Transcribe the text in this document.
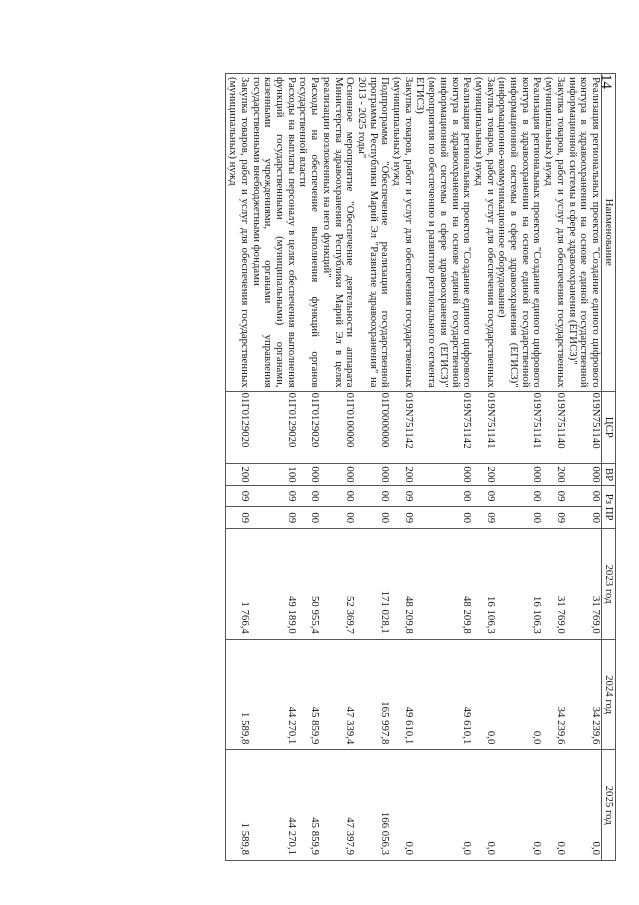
14
Наименование	ЦСР	ВР	Рз ПР		2023 год	2024 год	2025 год
Реализация региональных проектов "Создание единого цифрового контура в здравоохранении на основе единой государственной информационной системы в сфере здравоохранения (ЕГИСЗ)"	019N751140	000	00	00	31 769,0	34 239,6	0,0
Закупка товаров, работ и услуг для обеспечения государственных (муниципальных) нужд	019N751140	200	09	09	31 769,0	34 239,6	0,0
Реализация региональных проектов "Создание единого цифрового контура в здравоохранении на основе единой государственной информационной системы в сфере здравоохранения (ЕГИСЗ)" (информационно-коммуникационное оборудование)	019N751141	000	00	00	16 106,3	0,0	0,0
Закупка товаров, работ и услуг для обеспечения государственных (муниципальных) нужд	019N751141	200	09	09	16 106,3	0,0	0,0
Реализация региональных проектов "Создание единого цифрового контура в здравоохранении на основе единой государственной информационной системы в сфере здравоохранения (ЕГИСЗ)" (мероприятия по обеспечению и развитию регионального сегмента ЕГИСЗ)	019N751142	000	00	00	48 209,8	49 610,1	0,0
Закупка товаров, работ и услуг для обеспечения государственных (муниципальных) нужд	019N751142	200	09	09	48 209,8	49 610,1	0,0
Подпрограмма "Обеспечение реализации государственной программы Республики Марий Эл "Развитие здравоохранения" на 2013 - 2025 годы"	01Г0000000	000	00	00	171 028,1	165 997,8	166 056,3
Основное мероприятие "Обеспечение деятельности аппарата Министерства здравоохранения Республики Марий Эл в целях реализации возложенных на него функций"	01Г0100000	000	00	00	52 369,7	47 339,4	47 397,9
Расходы на обеспечение выполнения функций органов государственной власти	01Г0129020	000	00	00	50 955,4	45 859,9	45 859,9
Расходы на выплаты персоналу в целях обеспечения выполнения функций государственными (муниципальными) органами, казенными учреждениями, органами управления государственными внебюджетными фондами	01Г0129020	100	09	09	49 189,0	44 270,1	44 270,1
Закупка товаров, работ и услуг для обеспечения государственных (муниципальных) нужд	01Г0129020	200	09	09	1 766,4	1 589,8	1 589,8
